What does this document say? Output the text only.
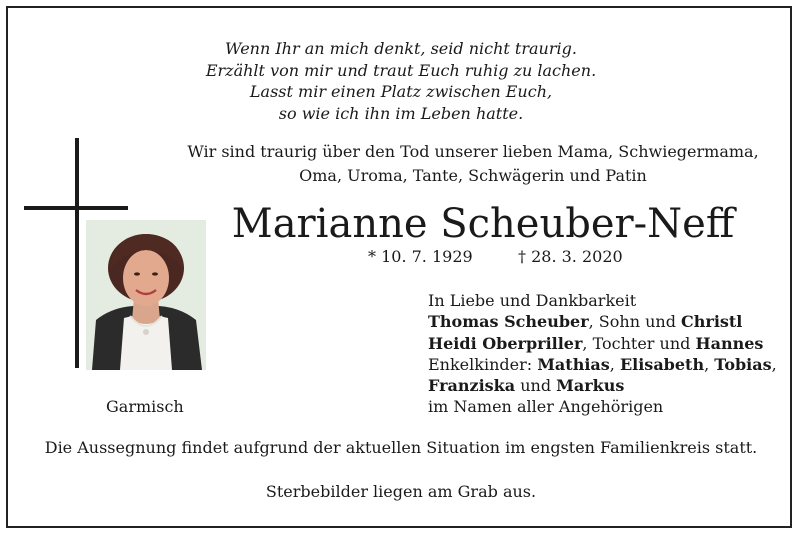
Wenn Ihr an mich denkt, seid nicht traurig.
Erzählt von mir und traut Euch ruhig zu lachen.
Lasst mir einen Platz zwischen Euch,
so wie ich ihn im Leben hatte.
Wir sind traurig über den Tod unserer lieben Mama, Schwiegermama,
Oma, Uroma, Tante, Schwägerin und Patin
Marianne Scheuber-Neff
* 10. 7. 1929	† 28. 3. 2020
In Liebe und Dankbarkeit
Thomas Scheuber, Sohn und Christl
Heidi Oberpriller, Tochter und Hannes
Enkelkinder: Mathias, Elisabeth, Tobias,
Franziska und Markus
im Namen aller Angehörigen
Garmisch
Die Aussegnung findet aufgrund der aktuellen Situation im engsten Familienkreis statt.
Sterbebilder liegen am Grab aus.
